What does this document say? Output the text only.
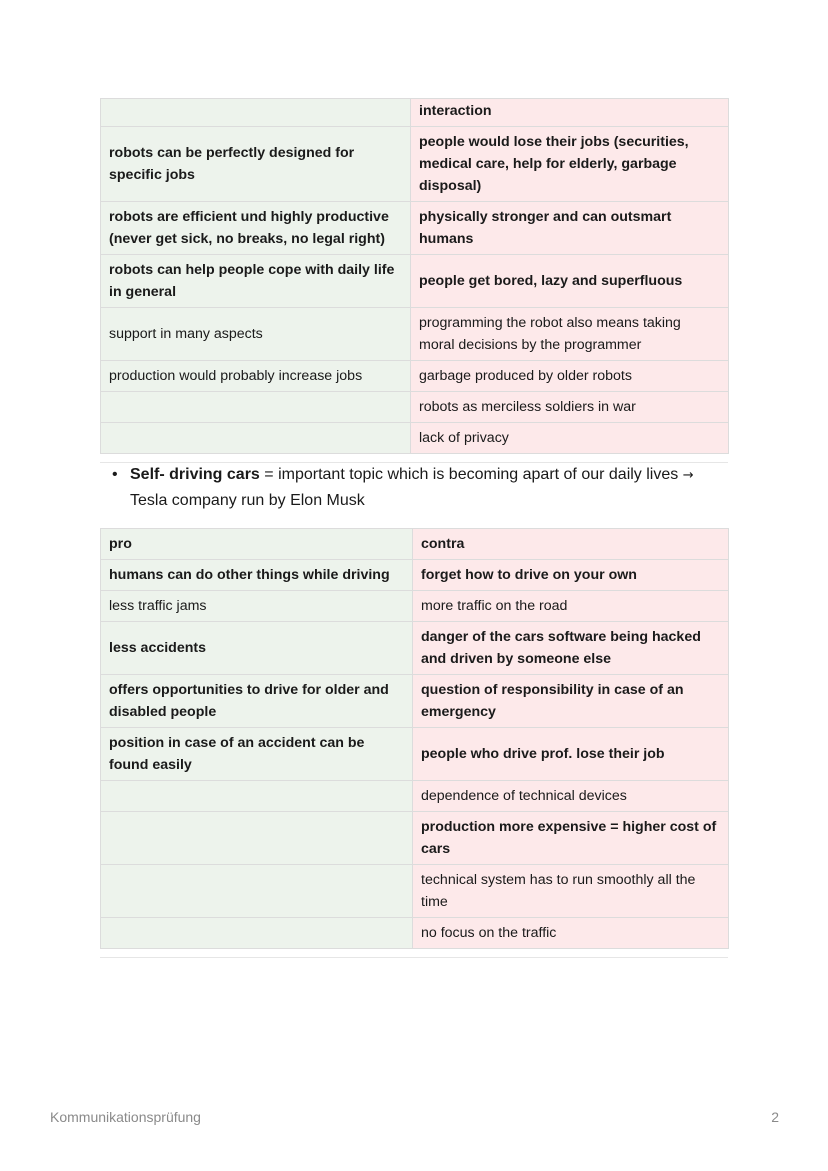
	interaction
robots can be perfectly designed for specific jobs	people would lose their jobs (securities, medical care, help for elderly, garbage disposal)
robots are efficient und highly productive (never get sick, no breaks, no legal right)	physically stronger and can outsmart humans
robots can help people cope with daily life in general	people get bored, lazy and superfluous
support in many aspects	programming the robot also means taking moral decisions by the programmer
production would probably increase jobs	garbage produced by older robots
	robots as merciless soldiers in war
	lack of privacy
• Self- driving cars = important topic which is becoming apart of our daily lives → Tesla company run by Elon Musk
pro	contra
humans can do other things while driving	forget how to drive on your own
less traffic jams	more traffic on the road
less accidents	danger of the cars software being hacked and driven by someone else
offers opportunities to drive for older and disabled people	question of responsibility in case of an emergency
position in case of an accident can be found easily	people who drive prof. lose their job
	dependence of technical devices
	production more expensive = higher cost of cars
	technical system has to run smoothly all the time
	no focus on the traffic
Kommunikationsprüfung	2
